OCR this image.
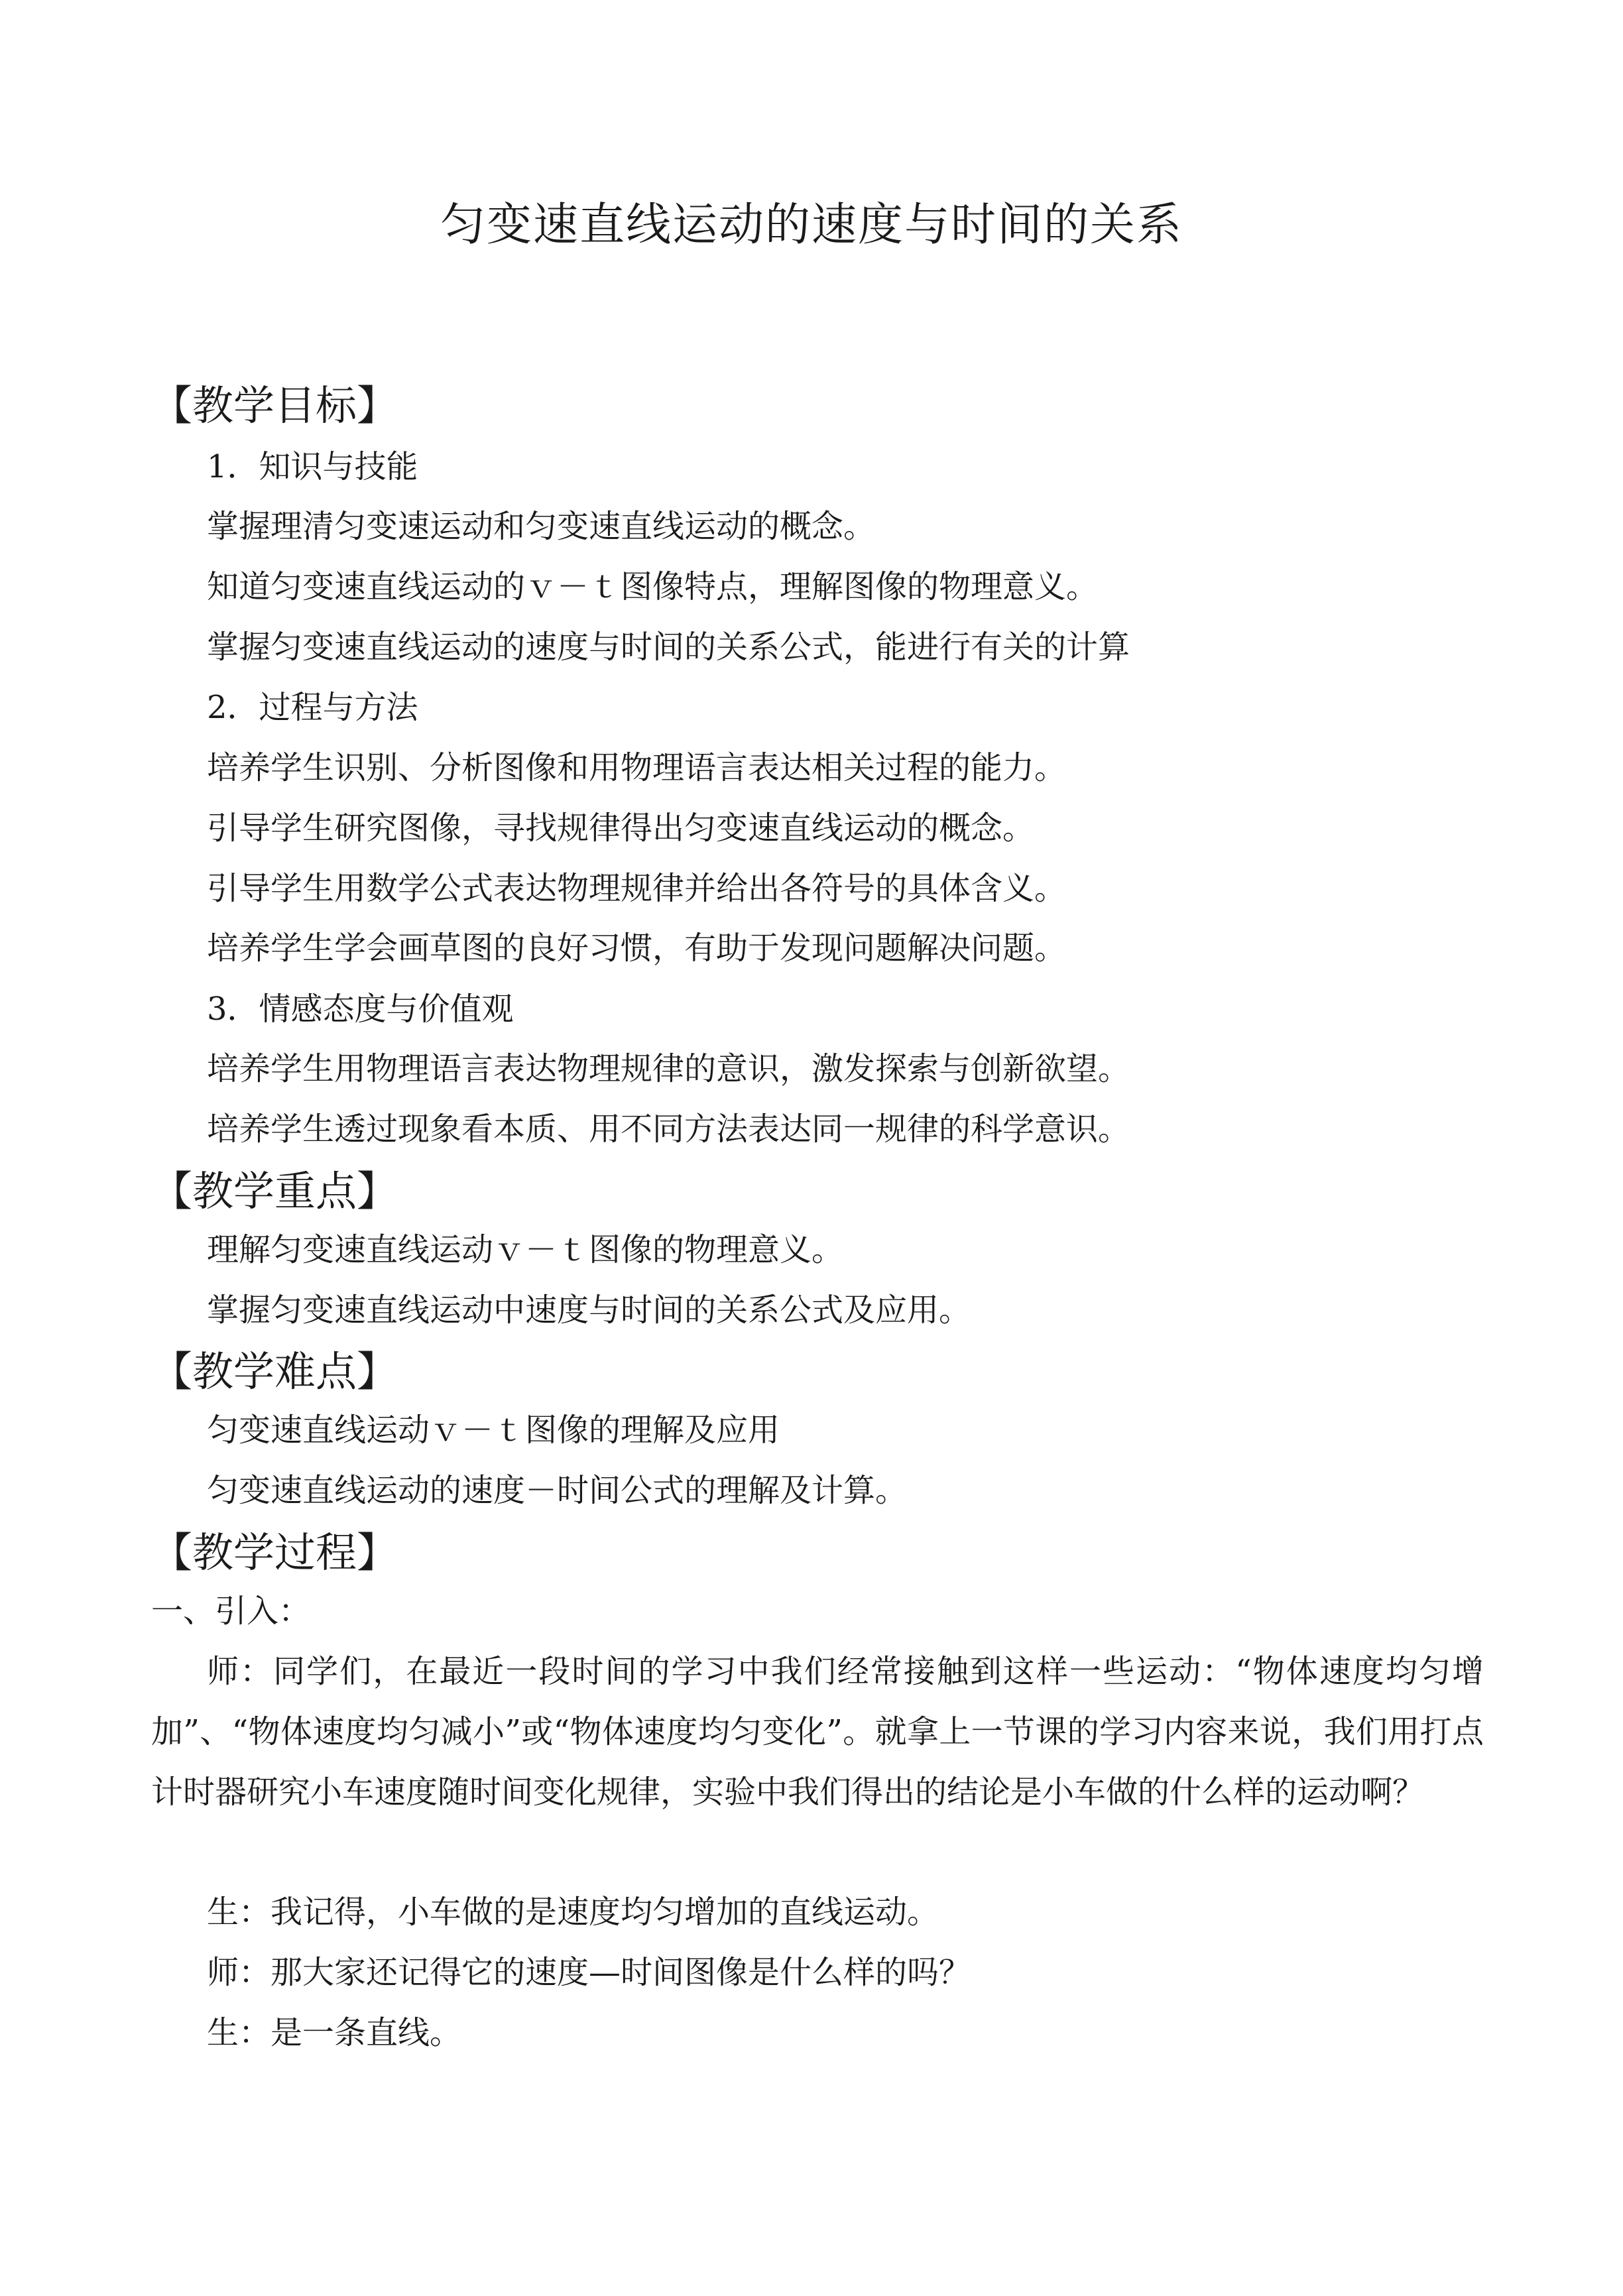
匀变速直线运动的速度与时间的关系
【教学目标】
1．知识与技能
掌握理清匀变速运动和匀变速直线运动的概念。
知道匀变速直线运动的ｖ－ｔ图像特点，理解图像的物理意义。
掌握匀变速直线运动的速度与时间的关系公式，能进行有关的计算
2．过程与方法
培养学生识别、分析图像和用物理语言表达相关过程的能力。
引导学生研究图像，寻找规律得出匀变速直线运动的概念。
引导学生用数学公式表达物理规律并给出各符号的具体含义。
培养学生学会画草图的良好习惯，有助于发现问题解决问题。
3．情感态度与价值观
培养学生用物理语言表达物理规律的意识，激发探索与创新欲望。
培养学生透过现象看本质、用不同方法表达同一规律的科学意识。
【教学重点】
理解匀变速直线运动ｖ－ｔ图像的物理意义。
掌握匀变速直线运动中速度与时间的关系公式及应用。
【教学难点】
匀变速直线运动ｖ－ｔ图像的理解及应用
匀变速直线运动的速度－时间公式的理解及计算。
【教学过程】
一、引入：
师：同学们，在最近一段时间的学习中我们经常接触到这样一些运动：“物体速度均匀增加”、“物体速度均匀减小”或“物体速度均匀变化”。就拿上一节课的学习内容来说，我们用打点计时器研究小车速度随时间变化规律，实验中我们得出的结论是小车做的什么样的运动啊？
生：我记得，小车做的是速度均匀增加的直线运动。
师：那大家还记得它的速度—时间图像是什么样的吗？
生：是一条直线。
